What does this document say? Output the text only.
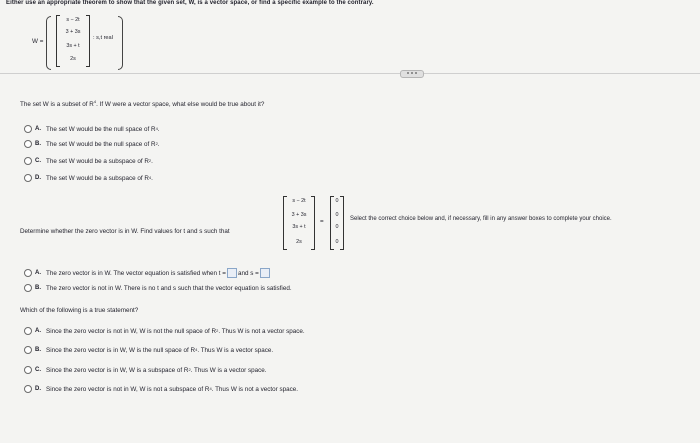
Either use an appropriate theorem to show that the given set, W, is a vector space, or find a specific example to the contrary.
W =
s − 2t
3 + 3s
3s + t
2s
: s,t real
The set W is a subset of $R^4$. If W were a vector space, what else would be true about it?
A. The set W would be the null space of R 4 .
B. The set W would be the null space of R 2 .
C. The set W would be a subspace of R 2 .
D. The set W would be a subspace of R 4 .
Determine whether the zero vector is in W. Find values for t and s such that
s − 2t
3 + 3s
3s + t
2s
=
0
0
0
0
Select the correct choice below and, if necessary, fill in any answer boxes to complete your choice.
A. The zero vector is in W. The vector equation is satisfied when t = and s =
B. The zero vector is not in W. There is no t and s such that the vector equation is satisfied.
Which of the following is a true statement?
A. Since the zero vector is not in W, W is not the null space of R 2 . Thus W is not a vector space.
B. Since the zero vector is in W, W is the null space of R 4 . Thus W is a vector space.
C. Since the zero vector is in W, W is a subspace of R 2 . Thus W is a vector space.
D. Since the zero vector is not in W, W is not a subspace of R 4 . Thus W is not a vector space.
